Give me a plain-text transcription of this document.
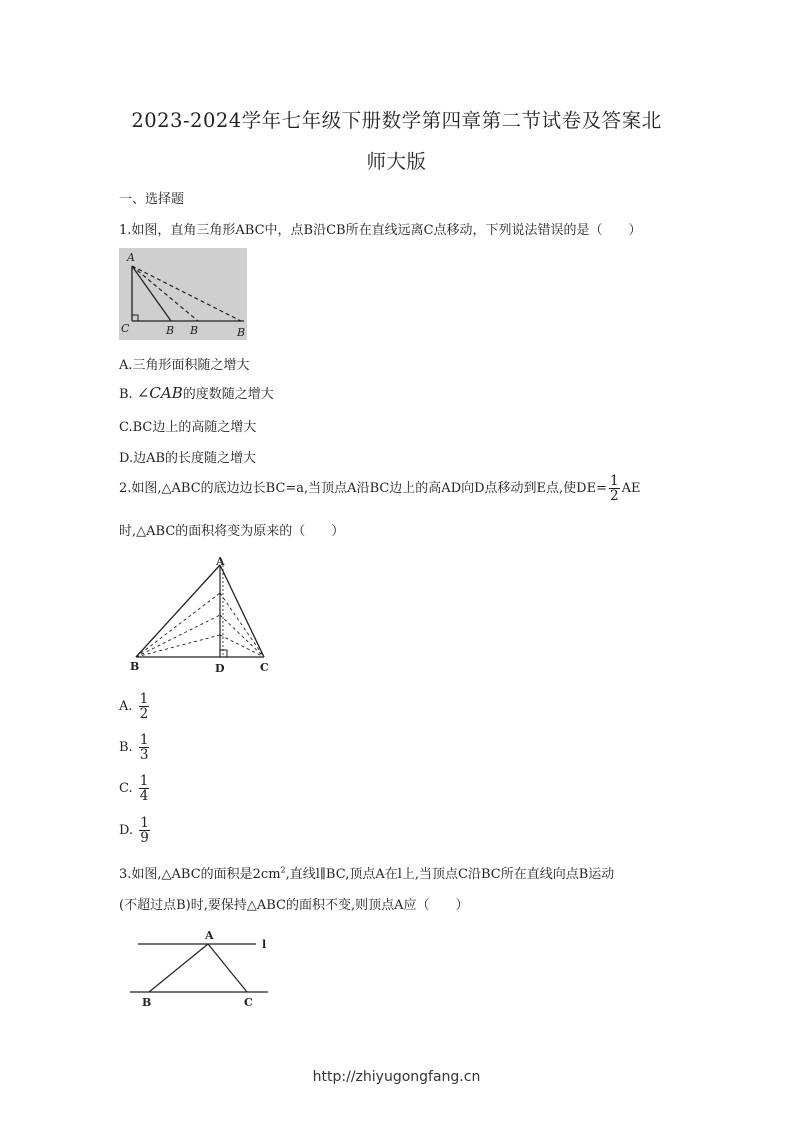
2023-2024学年七年级下册数学第四章第二节试卷及答案北
师大版
一、选择题
1.如图，直角三角形ABC中，点B沿CB所在直线远离C点移动，下列说法错误的是（　　）
A
C	B B	B
A.三角形面积随之增大
B. ∠CAB的度数随之增大
C.BC边上的高随之增大
D.边AB的长度随之增大
2.如图,△ABC的底边边长BC=a,当顶点A沿BC边上的高AD向D点移动到E点,使$DE= \frac{1}{2}$ AE
时,△ABC的面积将变为原来的（　　）
A
B	D	C
A. $\frac{1}{2}$
B. $\frac{1}{3}$
C. $\frac{1}{4}$
D. $\frac{1}{9}$
3.如图,△ABC的面积是$2cm^2$,直线l∥BC,顶点A在l上,当顶点C沿BC所在直线向点B运动
(不超过点B)时,要保持△ABC的面积不变,则顶点A应（　　）
A
l
B	C
http://zhiyugongfang.cn
